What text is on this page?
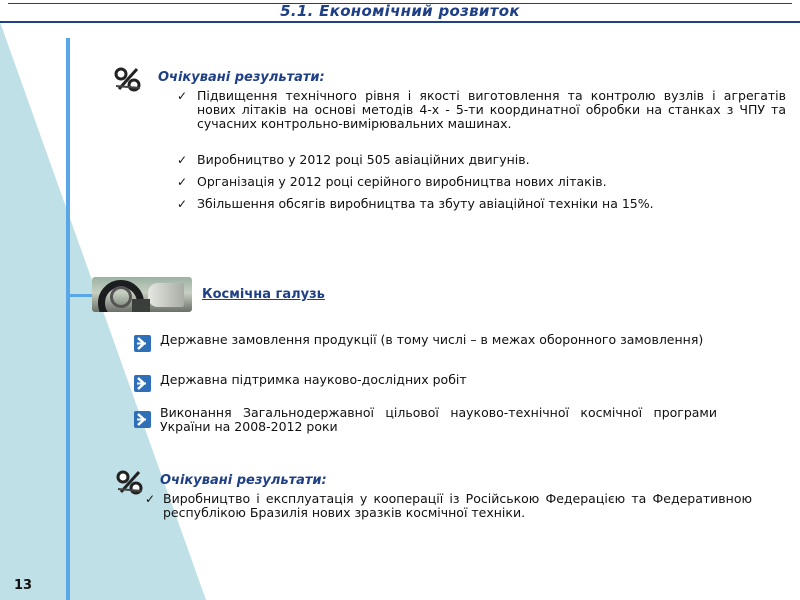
5.1. Економічний розвиток
Очікувані результати:
✓ Підвищення технічного рівня і якості виготовлення та контролю вузлів і агрегатів нових літаків на основі методів 4-х - 5-ти координатної обробки на станках з ЧПУ та сучасних контрольно-вимірювальних машинах.
✓ Виробництво у 2012 році 505 авіаційних двигунів.
✓ Організація у 2012 році серійного виробництва нових літаків.
✓ Збільшення обсягів виробництва та збуту авіаційної техніки на 15%.
Космічна галузь
Державне замовлення продукції (в тому числі – в межах оборонного замовлення)
Державна підтримка науково-дослідних робіт
Виконання Загальнодержавної цільової науково-технічної космічної програми України на 2008-2012 роки
Очікувані результати:
✓ Виробництво і експлуатація у кооперації із Російською Федерацією та Федеративною республікою Бразилія нових зразків космічної техніки.
13
